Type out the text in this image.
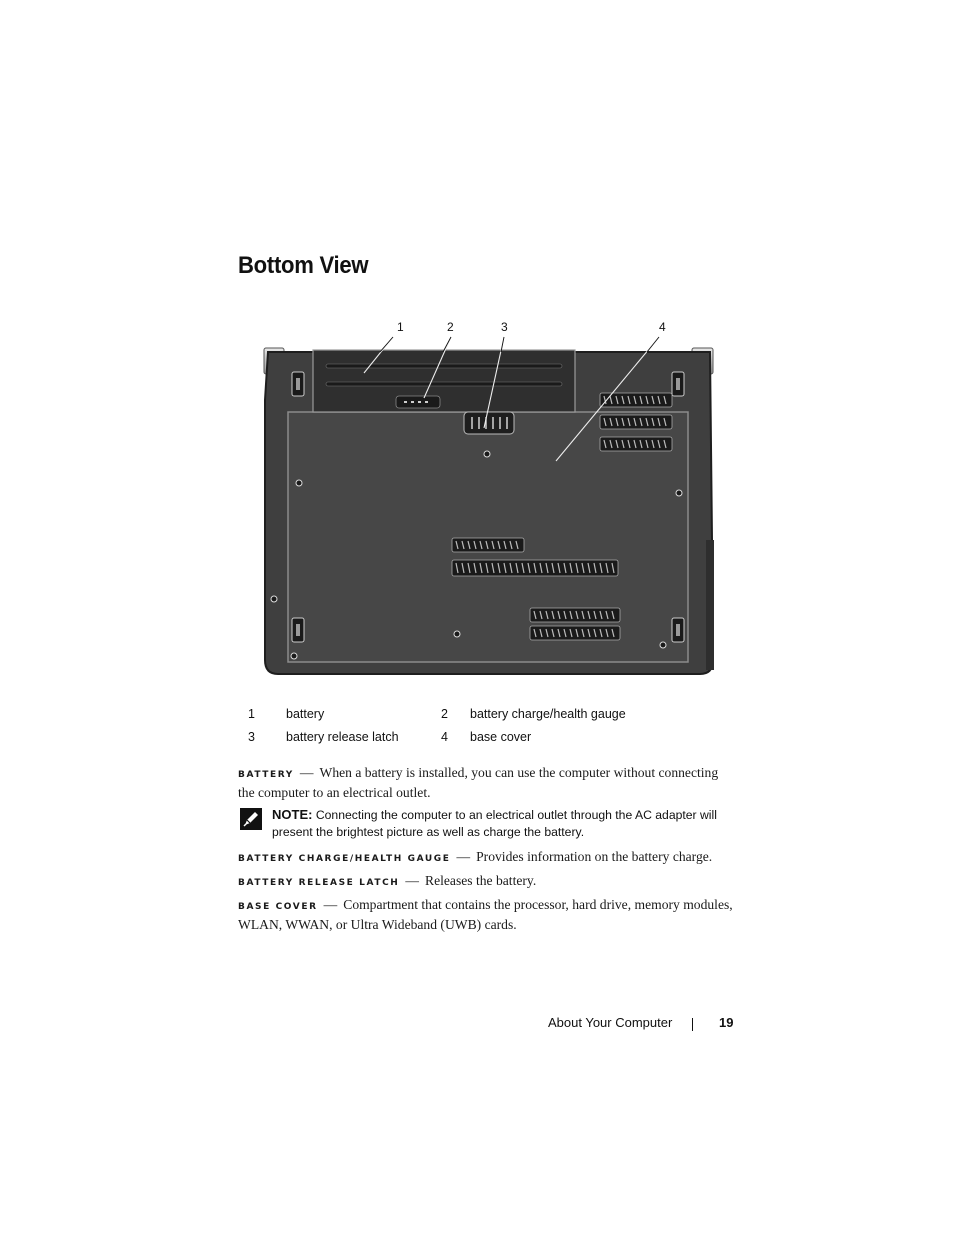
Bottom View
1	2	3	4
1	battery	2	battery charge/health gauge
3	battery release latch	4	base cover

BATTERY — When a battery is installed, you can use the computer without connecting the computer to an electrical outlet.

NOTE: Connecting the computer to an electrical outlet through the AC adapter will present the brightest picture as well as charge the battery.

BATTERY CHARGE/HEALTH GAUGE — Provides information on the battery charge.

BATTERY RELEASE LATCH — Releases the battery.

BASE COVER — Compartment that contains the processor, hard drive, memory modules, WLAN, WWAN, or Ultra Wideband (UWB) cards.

About Your Computer	19
